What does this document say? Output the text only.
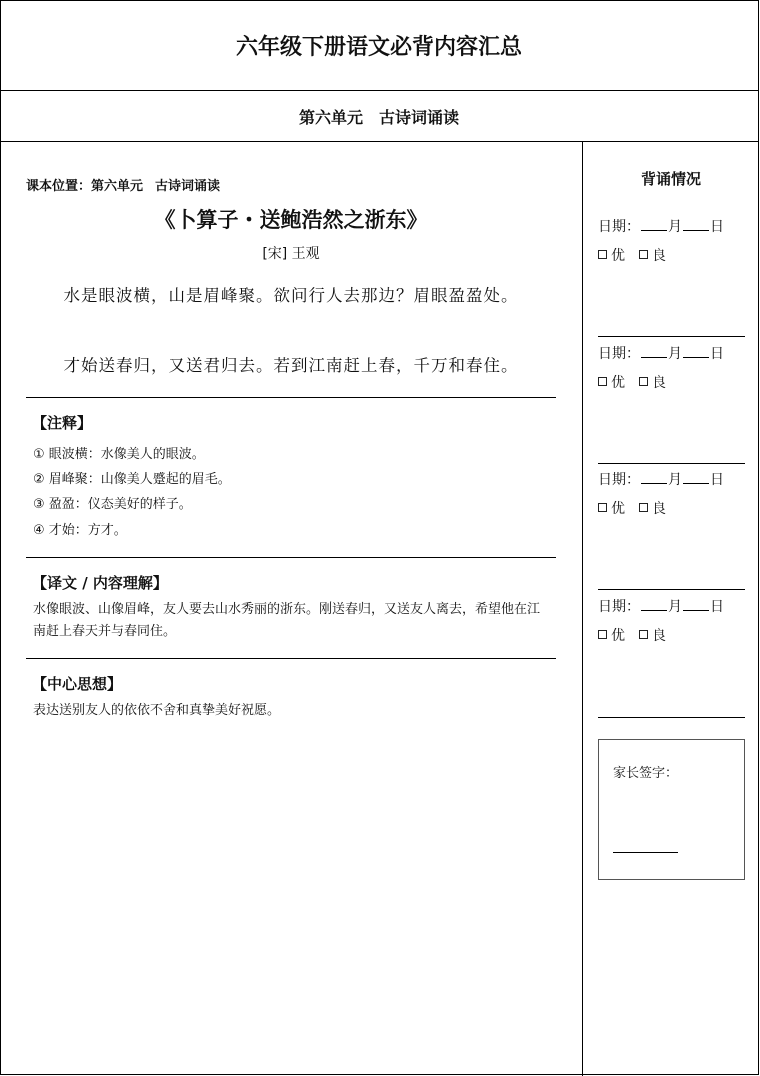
六年级下册语文必背内容汇总
第六单元 古诗词诵读
课本位置：第六单元 古诗词诵读
《卜算子・送鲍浩然之浙东》
[宋] 王观
水是眼波横，山是眉峰聚。欲问行人去那边？眉眼盈盈处。
才始送春归，又送君归去。若到江南赶上春，千万和春住。
【注释】
① 眼波横：水像美人的眼波。
② 眉峰聚：山像美人蹙起的眉毛。
③ 盈盈：仪态美好的样子。
④ 才始：方才。
【译文 / 内容理解】
水像眼波、山像眉峰，友人要去山水秀丽的浙东。刚送春归，又送友人离去，希望他在江南赶上春天并与春同住。
【中心思想】
表达送别友人的依依不舍和真挚美好祝愿。
背诵情况
日期： 月 日
优 良
日期： 月 日
优 良
日期： 月 日
优 良
日期： 月 日
优 良
家长签字：
